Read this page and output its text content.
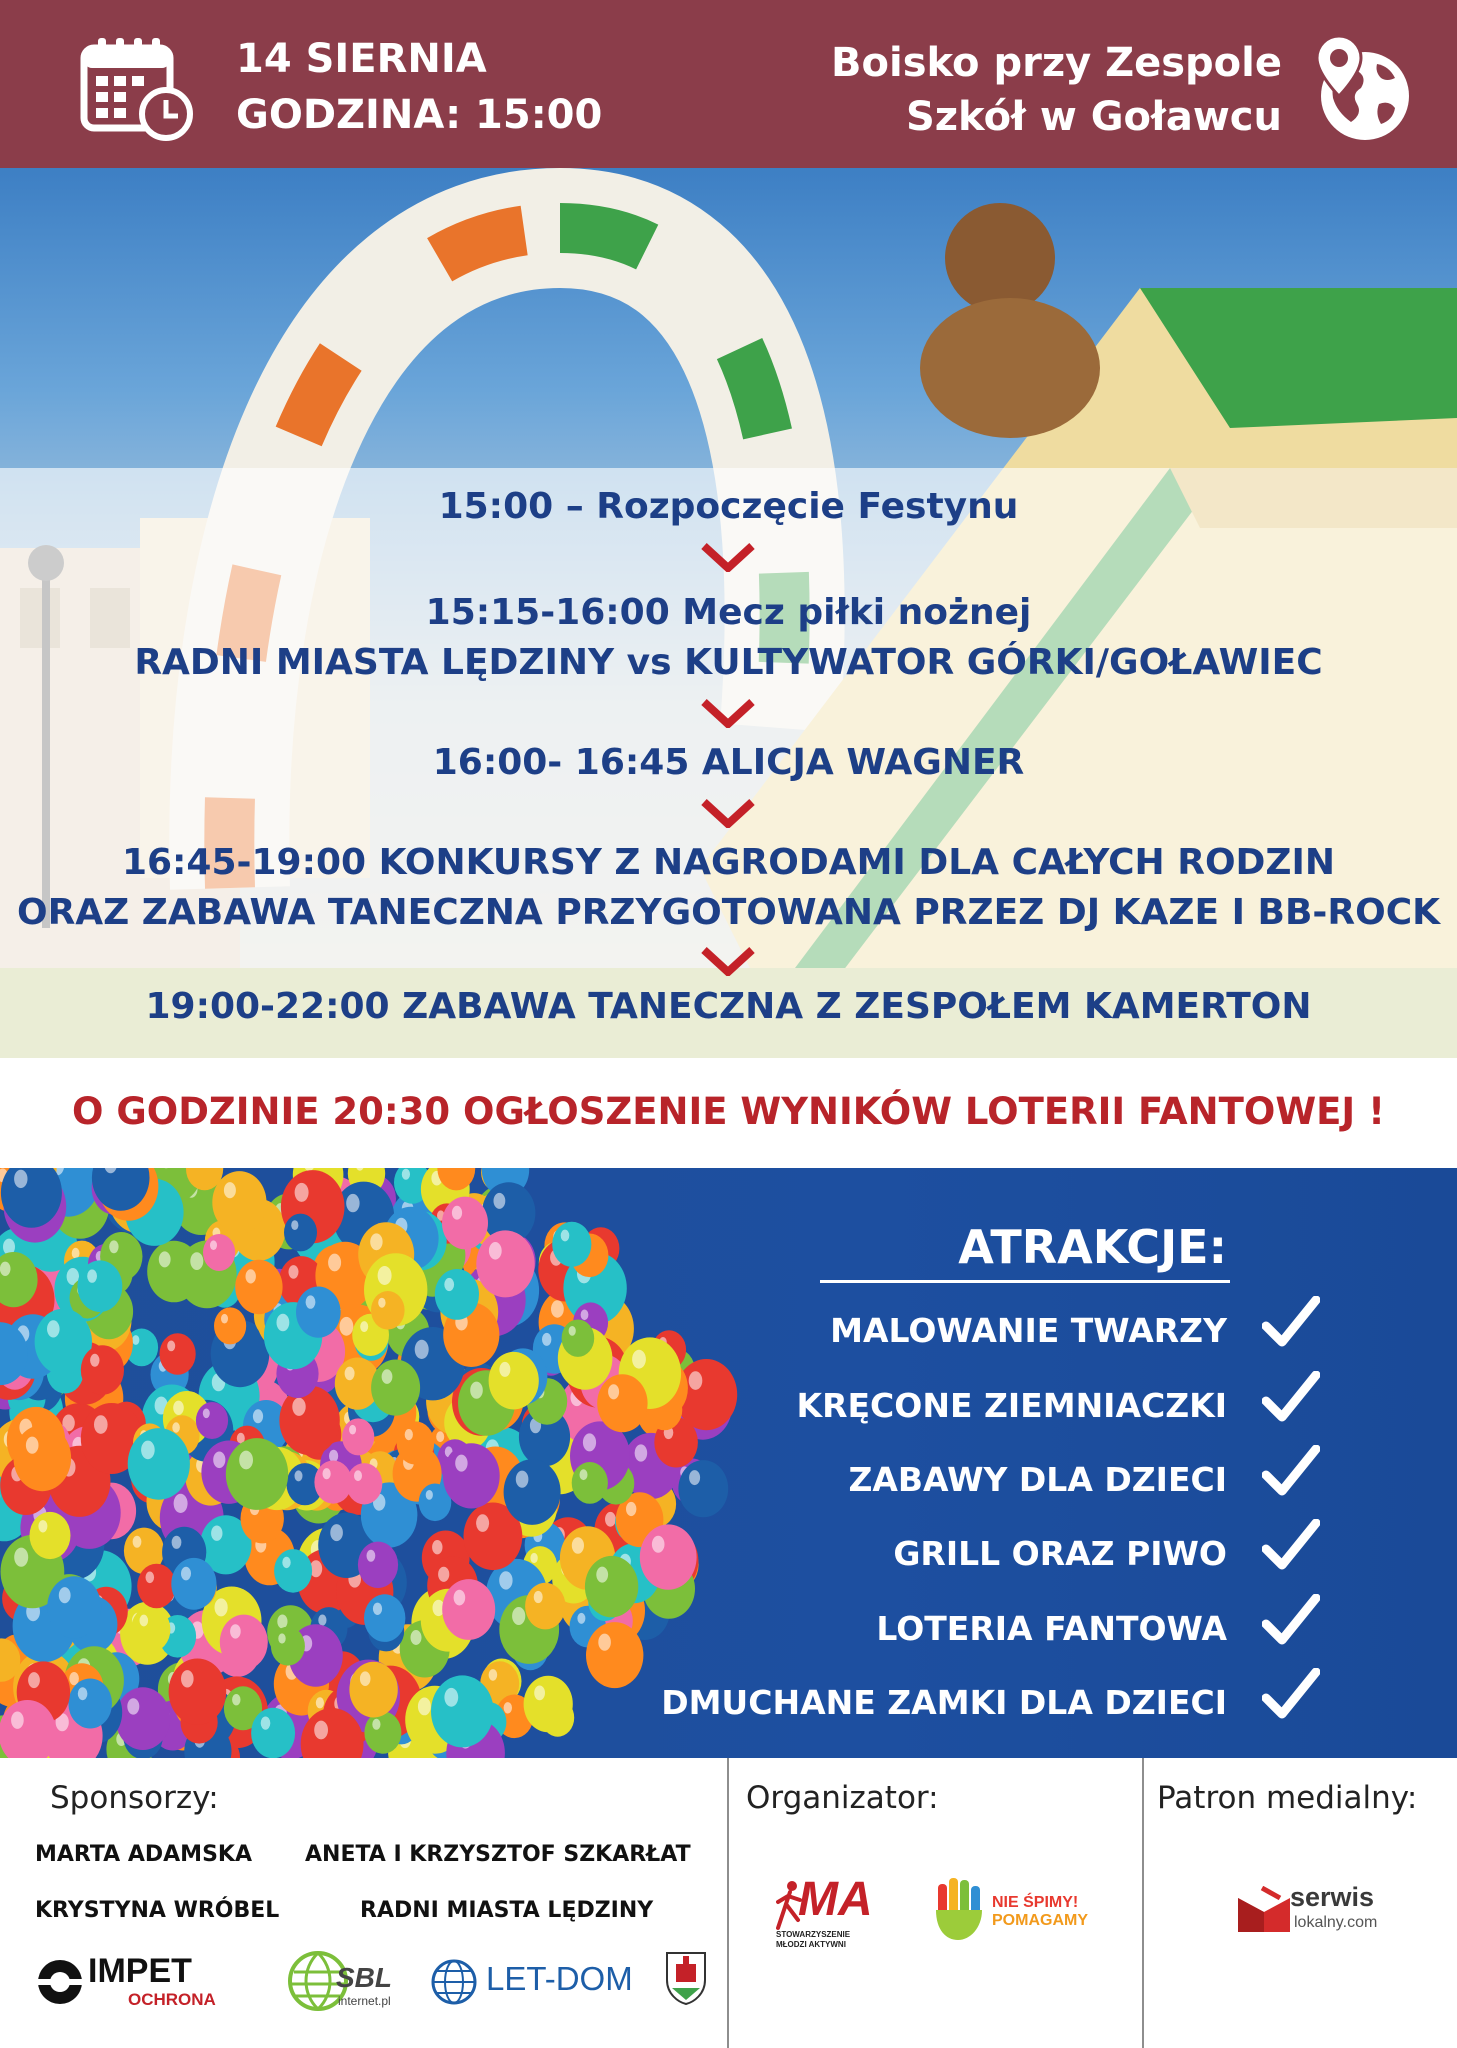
14 SIERNIA
GODZINA: 15:00
Boisko przy Zespole
Szkół w Goławcu
15:00 – Rozpoczęcie Festynu
15:15-16:00 Mecz piłki nożnej
RADNI MIASTA LĘDZINY vs KULTYWATOR GÓRKI/GOŁAWIEC
16:00- 16:45 ALICJA WAGNER
16:45-19:00 KONKURSY Z NAGRODAMI DLA CAŁYCH RODZIN
ORAZ ZABAWA TANECZNA PRZYGOTOWANA PRZEZ DJ KAZE I BB-ROCK
19:00-22:00 ZABAWA TANECZNA Z ZESPOŁEM KAMERTON
O GODZINIE 20:30 OGŁOSZENIE WYNIKÓW LOTERII FANTOWEJ !
ATRAKCJE:
MALOWANIE TWARZY
KRĘCONE ZIEMNIACZKI
ZABAWY DLA DZIECI
GRILL ORAZ PIWO
LOTERIA FANTOWA
DMUCHANE ZAMKI DLA DZIECI
Sponsorzy:
MARTA ADAMSKA ANETA I KRZYSZTOF SZKARŁAT
KRYSTYNA WRÓBEL	RADNI MIASTA LĘDZINY
IMPET
OCHRONA
SBL
internet.pl
LET-DOM
Organizator:
MA
STOWARZYSZENIE
MŁODZI AKTYWNI
NIE ŚPIMY!
POMAGAMY
Patron medialny:
serwis
lokalny.com
